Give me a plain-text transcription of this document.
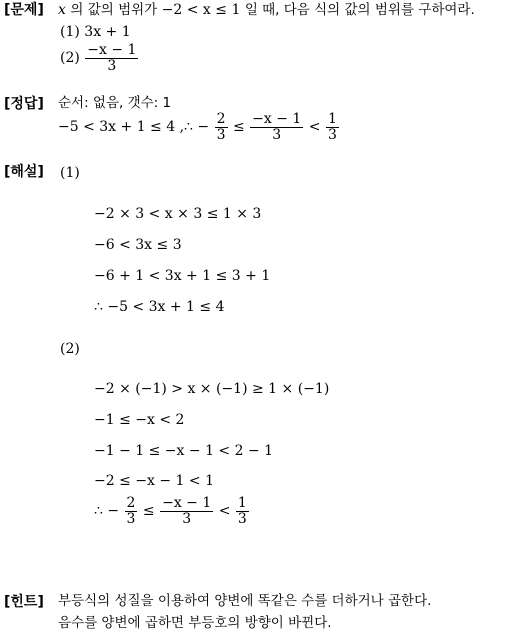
[문제] x 의 값의 범위가 −2 < x ≤ 1 일 때, 다음 식의 값의 범위를 구하여라.
(1) 3x + 1
$(2) \frac{-x - 1}{3}$
[정답] 순서: 없음, 갯수: 1
−5 < 3x + 1 ≤ 4 ,∴ − $\frac{2}{3} \le \frac{-x - 1}{3} < \frac{1}{3}$
[해설] (1)
−2 × 3 < x × 3 ≤ 1 × 3
−6 < 3x ≤ 3
−6 + 1 < 3x + 1 ≤ 3 + 1
∴ −5 < 3x + 1 ≤ 4
(2)
−2 × (−1) > x × (−1) ≥ 1 × (−1)
−1 ≤ −x < 2
−1 − 1 ≤ −x − 1 < 2 − 1
−2 ≤ −x − 1 < 1
∴ − $\frac{2}{3} \le \frac{-x - 1}{3} < \frac{1}{3}$
[힌트] 부등식의 성질을 이용하여 양변에 똑같은 수를 더하거나 곱한다.
음수를 양변에 곱하면 부등호의 방향이 바뀐다.
